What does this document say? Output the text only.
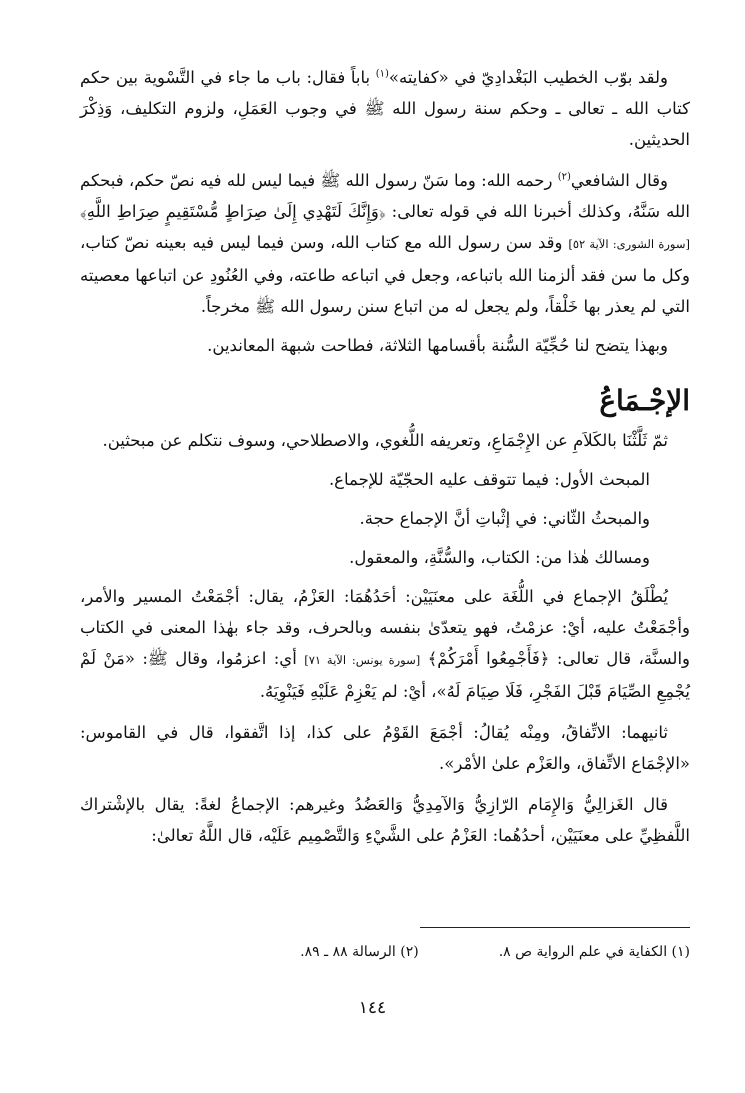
ولقد بوّب الخطيب البَغْدادِيّ في «كفايته»$^{(١)}$ باباً فقال: باب ما جاء في التَّسْوية بين حكم كتاب الله ـ تعالى ـ وحكم سنة رسول الله ﷺ في وجوب العَمَلِ، ولزوم التكليف، وَذِكْرَ الحديثين.

وقال الشافعي$^{(٢)}$ رحمه الله: وما سَنّ رسول الله ﷺ فيما ليس لله فيه نصّ حكم، فبحكم الله سَنَّهُ، وكذلك أخبرنا الله في قوله تعالى: ﴿وَإِنَّكَ لَتَهْدِي إِلَىٰ صِرَاطٍ مُّسْتَقِيمٍ صِرَاطِ اللَّهِ﴾ [سورة الشورى: الآية ٥٢] وقد سن رسول الله مع كتاب الله، وسن فيما ليس فيه بعينه نصّ كتاب، وكل ما سن فقد ألزمنا الله باتباعه، وجعل في اتباعه طاعته، وفي العُنُودِ عن اتباعها معصيته التي لم يعذر بها خَلْقاً، ولم يجعل له من اتباع سنن رسول الله ﷺ مخرجاً.

وبهذا يتضح لنا حُجِّيّة السُّنة بأقسامها الثلاثة، فطاحت شبهة المعاندين.

الإجْـمَاعُ

ثمّ ثَلَّثْنَا بالكَلاَمِ عن الإِجْمَاعِ، وتعريفه اللُّغوي، والاصطلاحي، وسوف نتكلم عن مبحثين.

المبحث الأول: فيما تتوقف عليه الحجّيّة للإجماع.

والمبحثُ الثّاني: في إثْباتِ أنَّ الإجماع حجة.

ومسالك هٰذا من: الكتاب، والسُّنَّةِ، والمعقول.

يُطْلَقُ الإجماع في اللُّغَة على معنَيَيْن: أحَدُهُمَا: العَزْمُ، يقال: أجْمَعْتُ المسير والأمر، وأجْمَعْتُ عليه، أيْ: عزمْتُ، فهو يتعدّىٰ بنفسه وبالحرف، وقد جاء بهٰذا المعنى في الكتاب والسنَّة، قال تعالى: ﴿فَأَجْمِعُوا أَمْرَكُمْ﴾ [سورة يونس: الآية ٧١] أي: اعزمُوا، وقال ﷺ: «مَنْ لَمْ يُجْمِعِ الصِّيَامَ قَبْلَ الفَجْرِ، فَلَا صِيَامَ لَهُ»، أيْ: لم يَعْزِمْ عَلَيْهِ فَيَنْوِيَهُ.

ثانيهما: الاتِّفاقُ، ومِنْه يُقالُ: أجْمَعَ القَوْمُ على كذا، إذا اتَّفقوا، قال في القاموس: «الإجْمَاع الاتِّفاق، والعَزْم علىٰ الأمْر».

قال الغَزالِيُّ وَالإِمَام الرّازِيُّ وَالآمِدِيُّ وَالعَضُدُ وغيرهم: الإجماعُ لغةً: يقال بالإشْتراك اللَّفظِيِّ على معنَيَيْن، أحدُهُما: العَزْمُ على الشَّيْءِ وَالتَّصْمِيم عَلَيْه، قال اللَّهُ تعالىٰ:

(١) الكفاية في علم الرواية ص ٨.
(٢) الرسالة ٨٨ ـ ٨٩.
١٤٤
